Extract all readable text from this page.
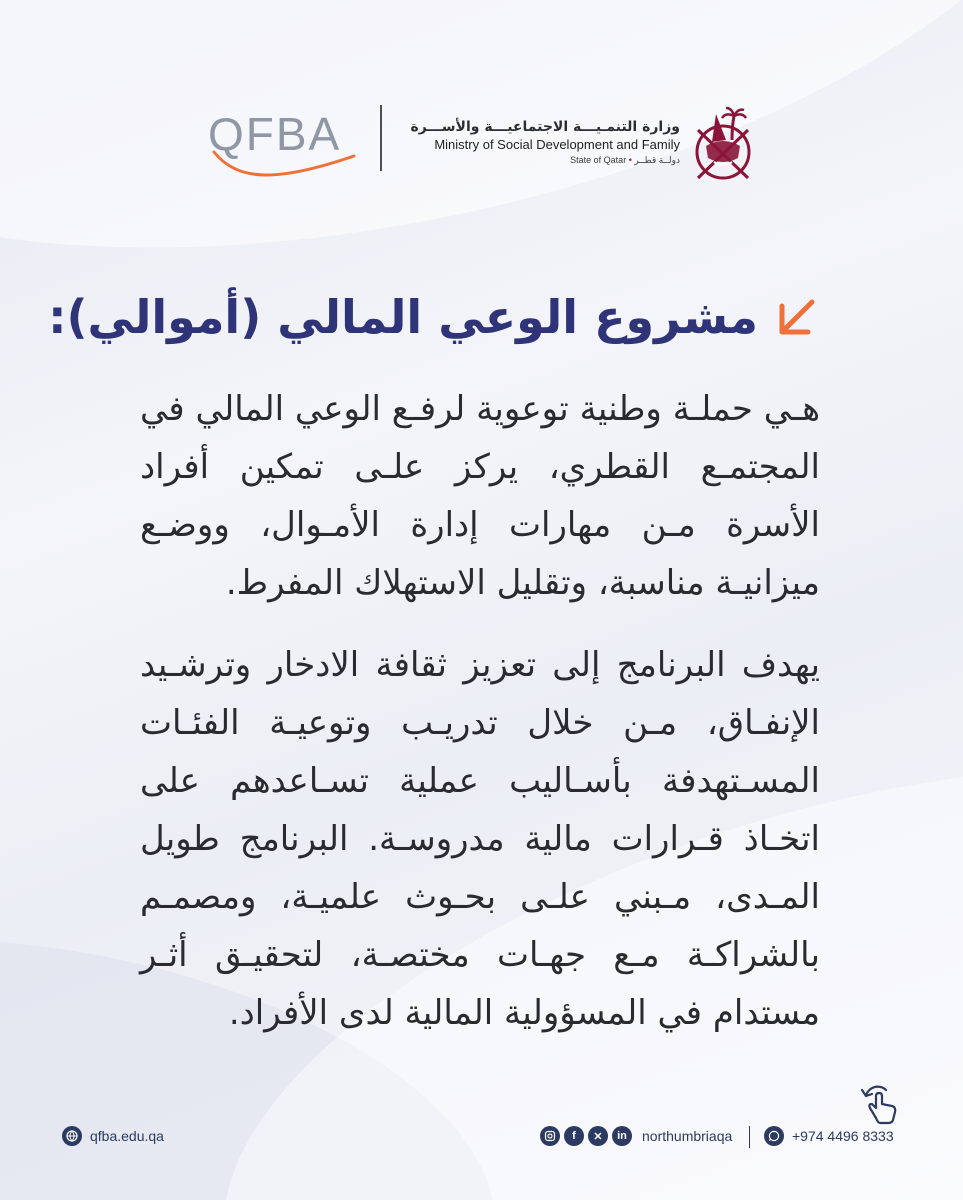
QFBA	وزارة التنمـيـــة الاجتماعيـــة والأســـرة
Ministry of Social Development and Family
State of Qatar • دولــة قطــر
مشروع الوعي المالي (أموالي):

هـي حملـة وطنية توعوية لرفـع الوعي المالي في المجتمـع القطري، يركز علـى تمكين أفراد الأسرة مـن مهارات إدارة الأمـوال، ووضـع ميزانيـة مناسبة، وتقليل الاستهلاك المفرط.

يهدف البرنامج إلى تعزيز ثقافة الادخار وترشـيد الإنفـاق، مـن خلال تدريـب وتوعيـة الفئـات المسـتهدفة بأسـاليب عملية تسـاعدهم على اتخـاذ قـرارات مالية مدروسـة. البرنامج طويل المـدى، مـبني علـى بحـوث علميـة، ومصمـم بالشراكـة مـع جهـات مختصـة، لتحقيـق أثـر مستدام في المسؤولية المالية لدى الأفراد.

qfba.edu.qa	f	✕	in	northumbriaqa	+974 4496 8333
